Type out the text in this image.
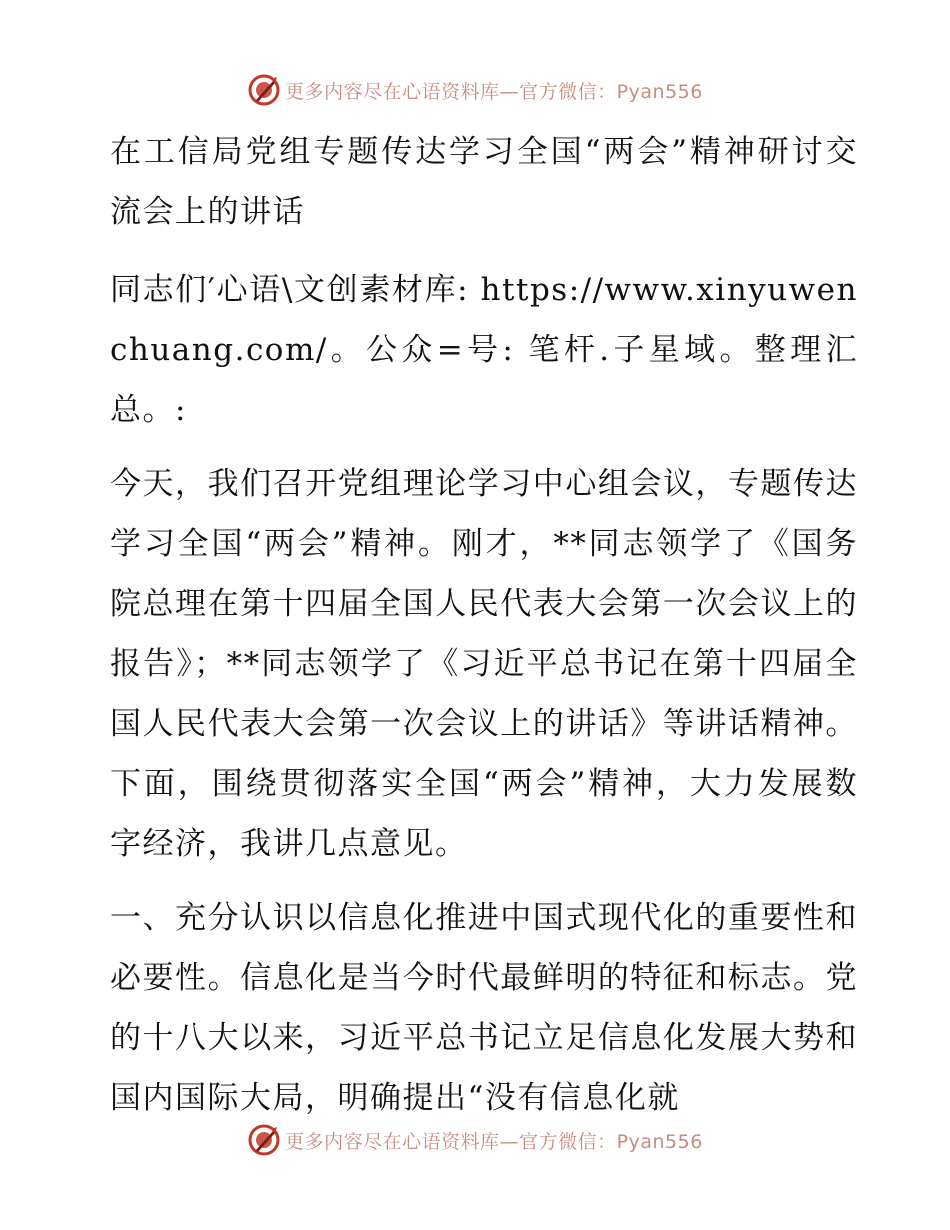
更多内容尽在心语资料库—官方微信：Pyan556

在工信局党组专题传达学习全国“两会”精神研讨交流会上的讲话

同志们′心语\文创素材库: https://www.xinyuwenchuang.com/。公众=号: 笔杆.子星域。整理汇总。:

今天，我们召开党组理论学习中心组会议，专题传达学习全国“两会”精神。刚才，**同志领学了《国务院总理在第十四届全国人民代表大会第一次会议上的报告》；**同志领学了《习近平总书记在第十四届全国人民代表大会第一次会议上的讲话》等讲话精神。下面，围绕贯彻落实全国“两会”精神，大力发展数字经济，我讲几点意见。

一、充分认识以信息化推进中国式现代化的重要性和必要性。信息化是当今时代最鲜明的特征和标志。党的十八大以来，习近平总书记立足信息化发展大势和国内国际大局，明确提出“没有信息化就

更多内容尽在心语资料库—官方微信：Pyan556
